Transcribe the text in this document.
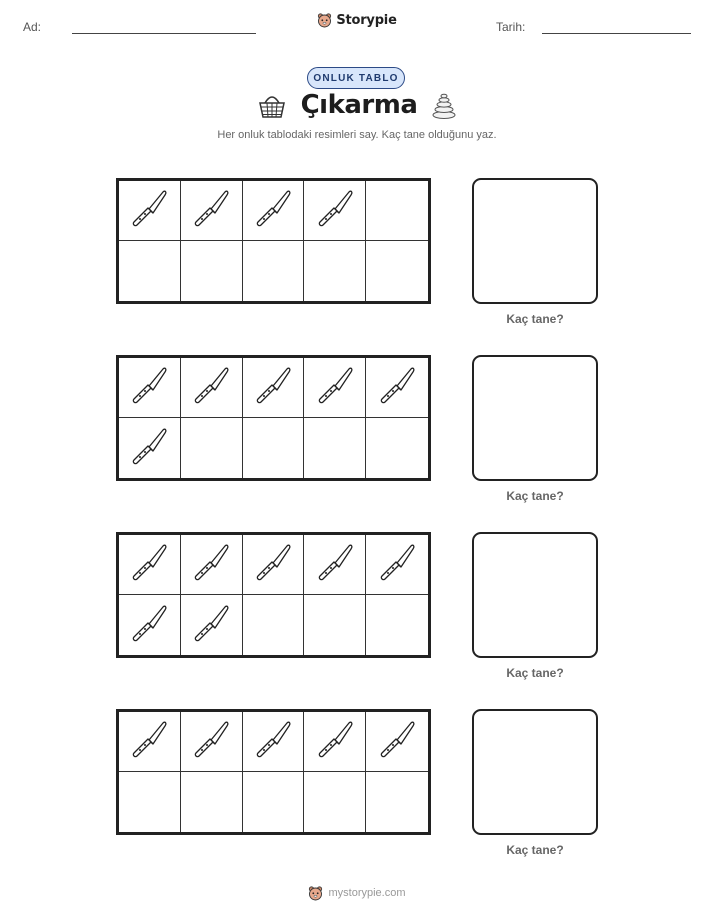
Ad:	Storypie	Tarih:
ONLUK TABLO
Çıkarma
Her onluk tablodaki resimleri say. Kaç tane olduğunu yaz.
Kaç tane?
Kaç tane?
Kaç tane?
Kaç tane?
mystorypie.com
